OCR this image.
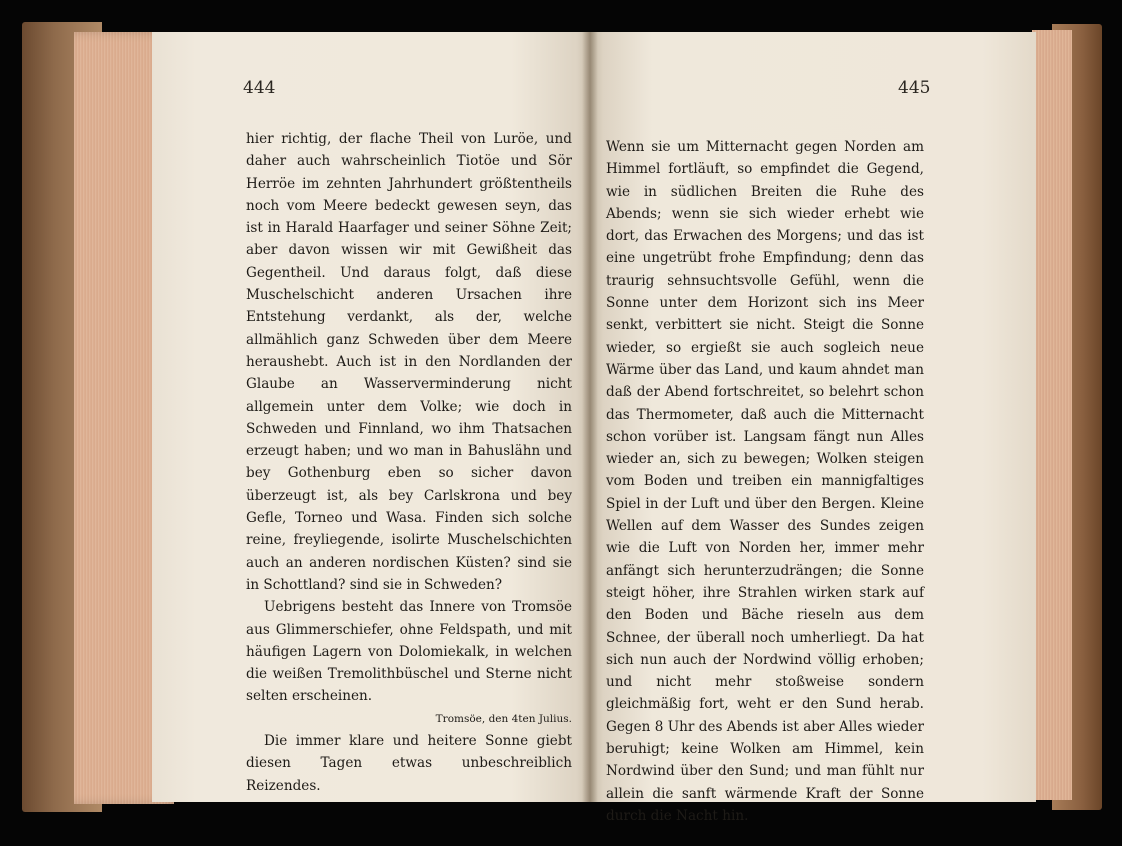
444	445

hier richtig, der flache Theil von Luröe, und daher auch wahrscheinlich Tiotöe und Sör Herröe im zehnten Jahrhundert größtentheils noch vom Meere bedeckt gewesen seyn, das ist in Harald Haarfager und seiner Söhne Zeit; aber davon wissen wir mit Gewißheit das Gegentheil. Und daraus folgt, daß diese Muschelschicht anderen Ursachen ihre Entstehung verdankt, als der, welche allmählich ganz Schweden über dem Meere heraushebt. Auch ist in den Nordlanden der Glaube an Wasserverminderung nicht allgemein unter dem Volke; wie doch in Schweden und Finnland, wo ihm Thatsachen erzeugt haben; und wo man in Bahuslähn und bey Gothenburg eben so sicher davon überzeugt ist, als bey Carlskrona und bey Gefle, Torneo und Wasa. Finden sich solche reine, freyliegende, isolirte Muschelschichten auch an anderen nordischen Küsten? sind sie in Schottland? sind sie in Schweden?

Uebrigens besteht das Innere von Tromsöe aus Glimmerschiefer, ohne Feldspath, und mit häufigen Lagern von Dolomiekalk, in welchen die weißen Tremolithbüschel und Sterne nicht selten erscheinen.

Tromsöe, den 4ten Julius.

Die immer klare und heitere Sonne giebt diesen Tagen etwas unbeschreiblich Reizendes.

Wenn sie um Mitternacht gegen Norden am Himmel fortläuft, so empfindet die Gegend, wie in südlichen Breiten die Ruhe des Abends; wenn sie sich wieder erhebt wie dort, das Erwachen des Morgens; und das ist eine ungetrübt frohe Empfindung; denn das traurig sehnsuchtsvolle Gefühl, wenn die Sonne unter dem Horizont sich ins Meer senkt, verbittert sie nicht. Steigt die Sonne wieder, so ergießt sie auch sogleich neue Wärme über das Land, und kaum ahndet man daß der Abend fortschreitet, so belehrt schon das Thermometer, daß auch die Mitternacht schon vorüber ist. Langsam fängt nun Alles wieder an, sich zu bewegen; Wolken steigen vom Boden und treiben ein mannigfaltiges Spiel in der Luft und über den Bergen. Kleine Wellen auf dem Wasser des Sundes zeigen wie die Luft von Norden her, immer mehr anfängt sich herunterzudrängen; die Sonne steigt höher, ihre Strahlen wirken stark auf den Boden und Bäche rieseln aus dem Schnee, der überall noch umherliegt. Da hat sich nun auch der Nordwind völlig erhoben; und nicht mehr stoßweise sondern gleichmäßig fort, weht er den Sund herab. Gegen 8 Uhr des Abends ist aber Alles wieder beruhigt; keine Wolken am Himmel, kein Nordwind über den Sund; und man fühlt nur allein die sanft wärmende Kraft der Sonne durch die Nacht hin.
